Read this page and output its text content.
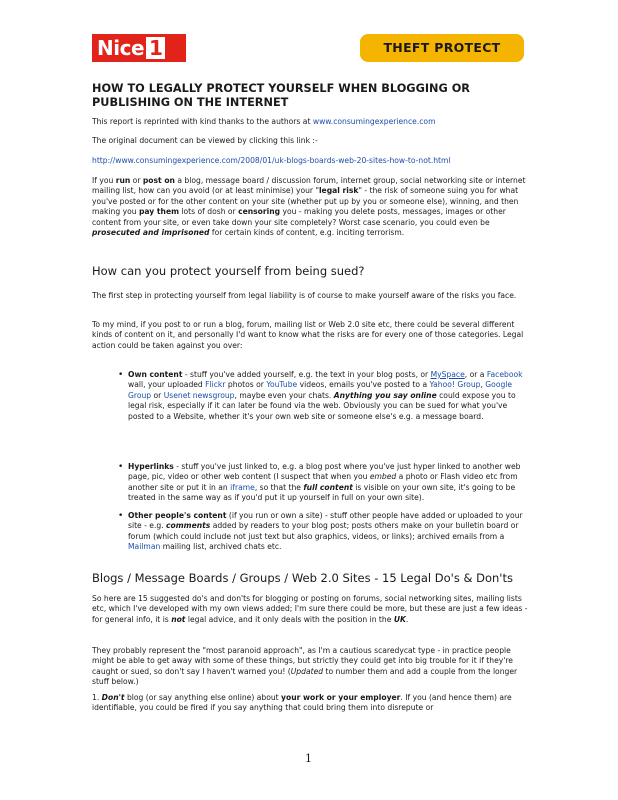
Nice 1	THEFT PROTECT
HOW TO LEGALLY PROTECT YOURSELF WHEN BLOGGING OR PUBLISHING ON THE INTERNET

This report is reprinted with kind thanks to the authors at www.consumingexperience.com

The original document can be viewed by clicking this link :-

http://www.consumingexperience.com/2008/01/uk-blogs-boards-web-20-sites-how-to-not.html

If you run or post on a blog, message board / discussion forum, internet group, social networking site or internet mailing list, how can you avoid (or at least minimise) your "legal risk" - the risk of someone suing you for what you've posted or for the other content on your site (whether put up by you or someone else), winning, and then making you pay them lots of dosh or censoring you - making you delete posts, messages, images or other content from your site, or even take down your site completely? Worst case scenario, you could even be prosecuted and imprisoned for certain kinds of content, e.g. inciting terrorism.

How can you protect yourself from being sued?

The first step in protecting yourself from legal liability is of course to make yourself aware of the risks you face.

To my mind, if you post to or run a blog, forum, mailing list or Web 2.0 site etc, there could be several different kinds of content on it, and personally I'd want to know what the risks are for every one of those categories. Legal action could be taken against you over:

• Own content - stuff you've added yourself, e.g. the text in your blog posts, or MySpace, or a Facebook wall, your uploaded Flickr photos or YouTube videos, emails you've posted to a Yahoo! Group, Google Group or Usenet newsgroup, maybe even your chats. Anything you say online could expose you to legal risk, especially if it can later be found via the web. Obviously you can be sued for what you've posted to a Website, whether it's your own web site or someone else's e.g. a message board.

• Hyperlinks - stuff you've just linked to, e.g. a blog post where you've just hyper linked to another web page, pic, video or other web content (I suspect that when you embed a photo or Flash video etc from another site or put it in an iframe, so that the full content is visible on your own site, it's going to be treated in the same way as if you'd put it up yourself in full on your own site).

• Other people's content (if you run or own a site) - stuff other people have added or uploaded to your site - e.g. comments added by readers to your blog post; posts others make on your bulletin board or forum (which could include not just text but also graphics, videos, or links); archived emails from a Mailman mailing list, archived chats etc.

Blogs / Message Boards / Groups / Web 2.0 Sites - 15 Legal Do's & Don'ts

So here are 15 suggested do's and don'ts for blogging or posting on forums, social networking sites, mailing lists etc, which I've developed with my own views added; I'm sure there could be more, but these are just a few ideas - for general info, it is not legal advice, and it only deals with the position in the UK.

They probably represent the "most paranoid approach", as I'm a cautious scaredycat type - in practice people might be able to get away with some of these things, but strictly they could get into big trouble for it if they're caught or sued, so don't say I haven't warned you! (Updated to number them and add a couple from the longer stuff below.)

1. Don't blog (or say anything else online) about your work or your employer. If you (and hence them) are identifiable, you could be fired if you say anything that could bring them into disrepute or

1
